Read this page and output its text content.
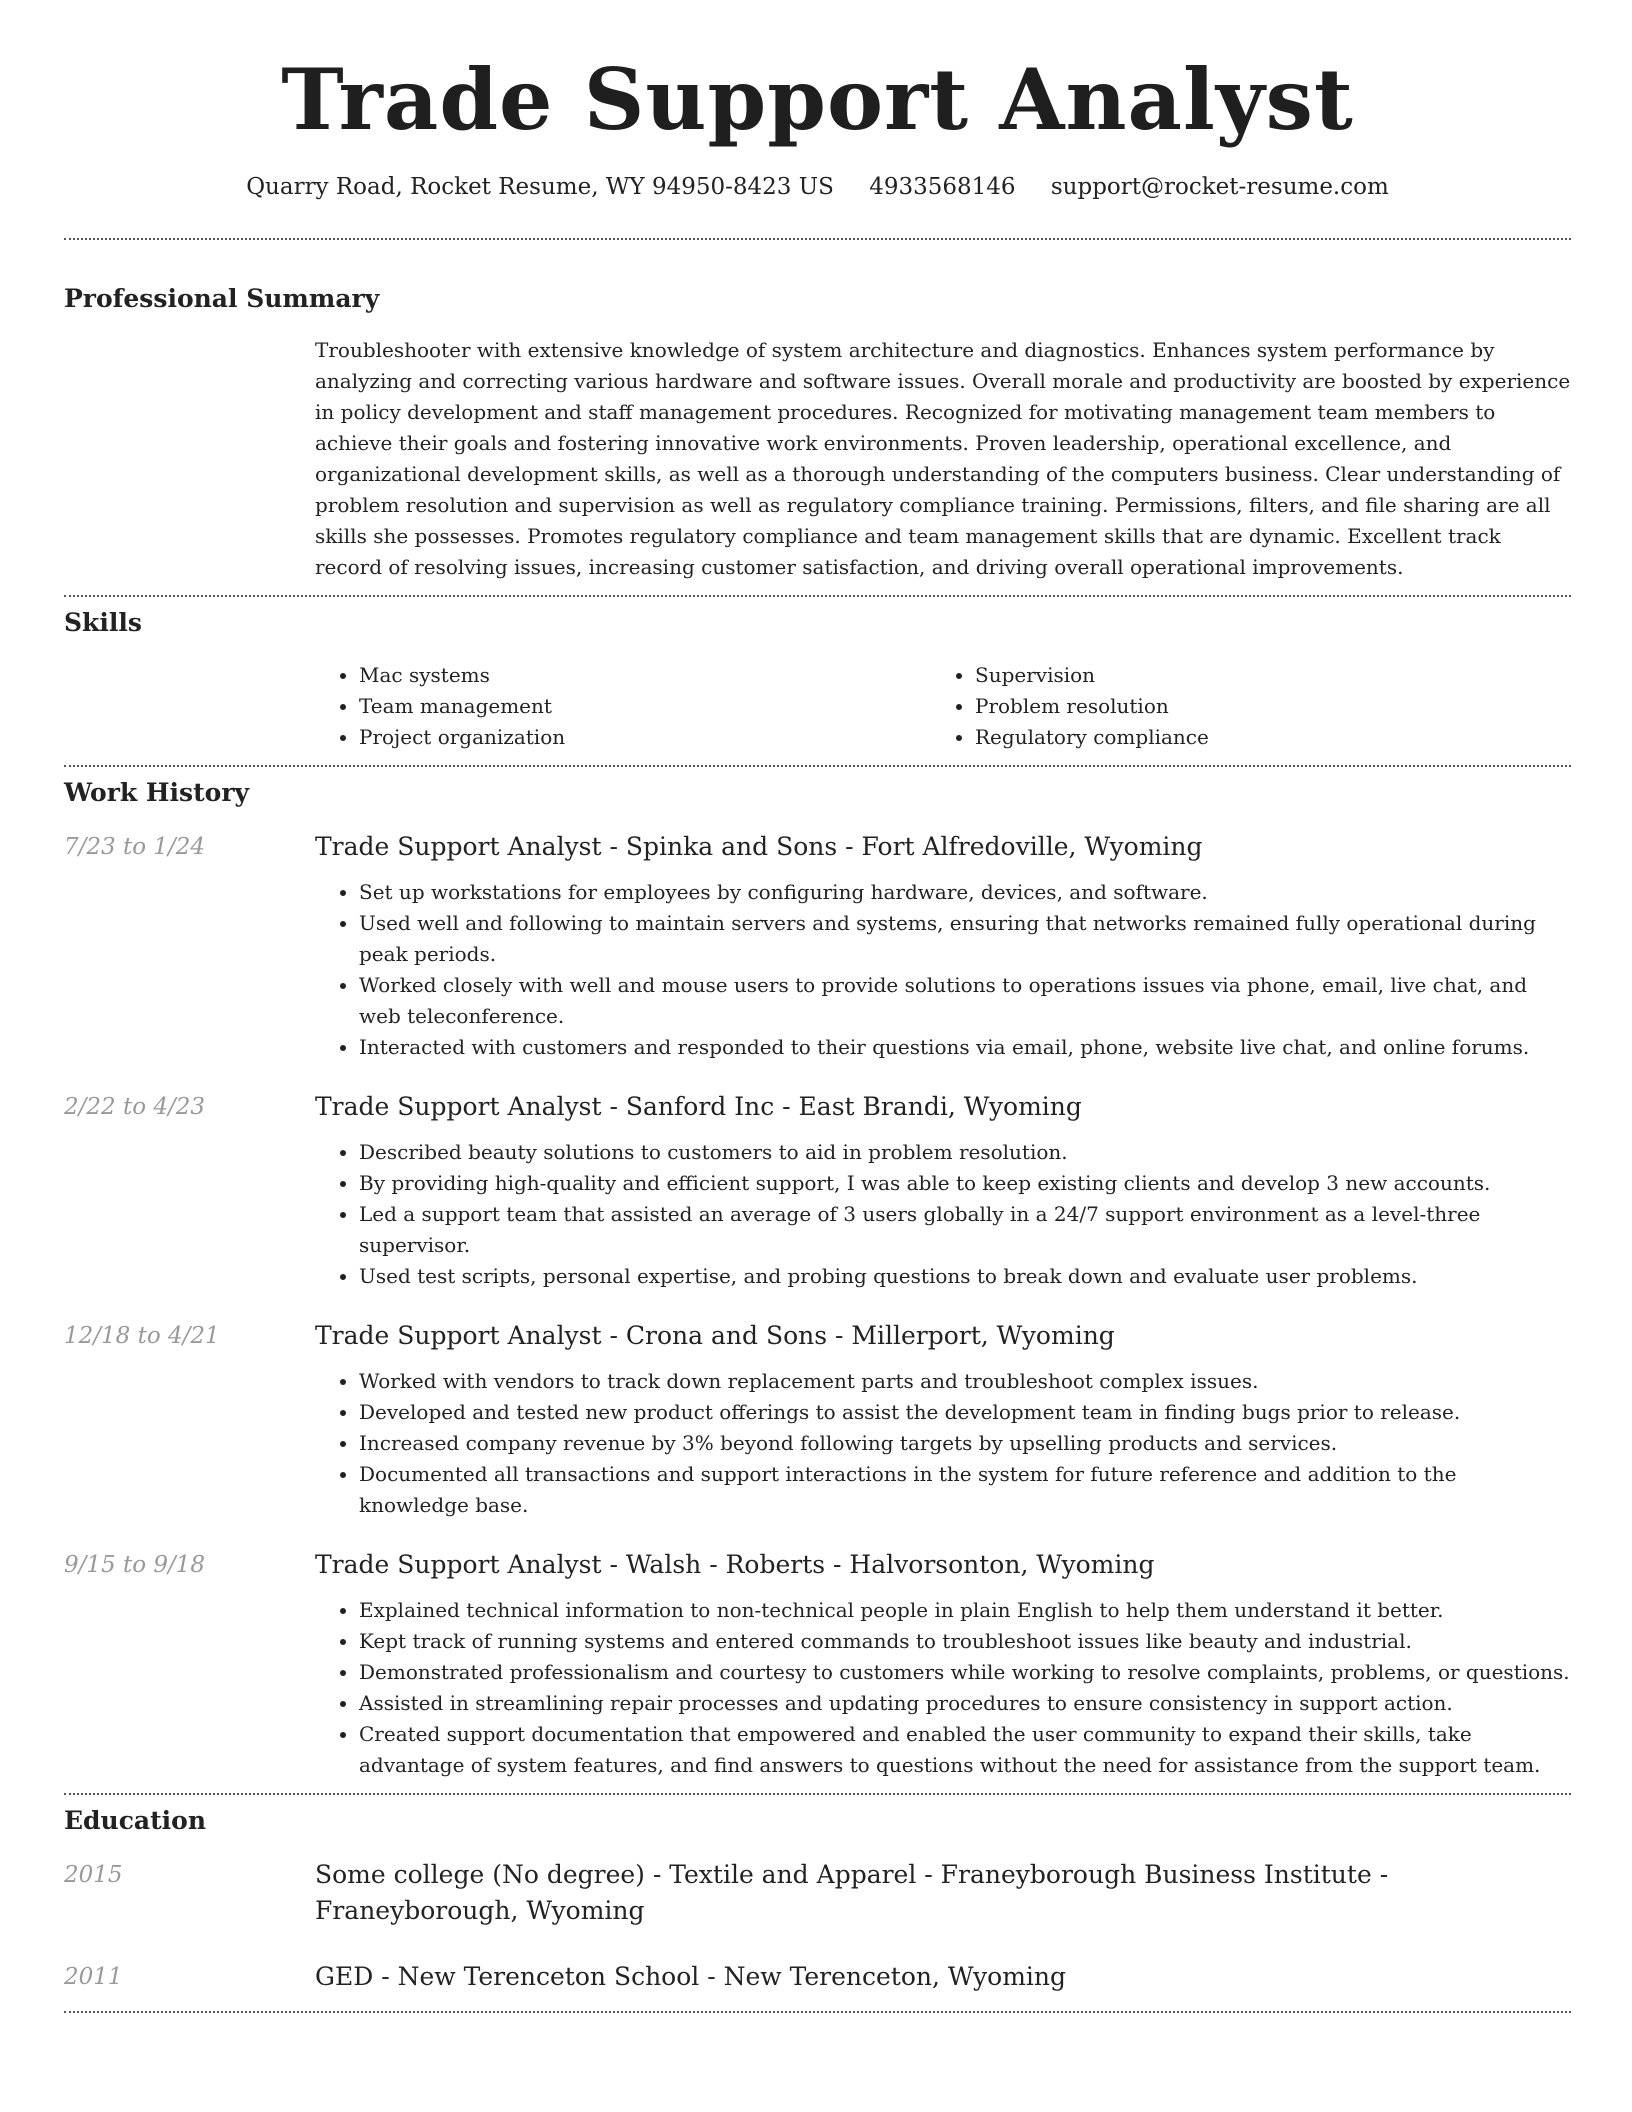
Trade Support Analyst
Quarry Road, Rocket Resume, WY 94950-8423 US 4933568146 support@rocket-resume.com
Professional Summary

Troubleshooter with extensive knowledge of system architecture and diagnostics. Enhances system performance by analyzing and correcting various hardware and software issues. Overall morale and productivity are boosted by experience in policy development and staff management procedures. Recognized for motivating management team members to achieve their goals and fostering innovative work environments. Proven leadership, operational excellence, and organizational development skills, as well as a thorough understanding of the computers business. Clear understanding of problem resolution and supervision as well as regulatory compliance training. Permissions, filters, and file sharing are all skills she possesses. Promotes regulatory compliance and team management skills that are dynamic. Excellent track record of resolving issues, increasing customer satisfaction, and driving overall operational improvements.

Skills
• Mac systems
• Team management
• Project organization
• Supervision
• Problem resolution
• Regulatory compliance
Work History
7/23 to 1/24	Trade Support Analyst - Spinka and Sons - Fort Alfredoville, Wyoming
• Set up workstations for employees by configuring hardware, devices, and software.
• Used well and following to maintain servers and systems, ensuring that networks remained fully operational during peak periods.
• Worked closely with well and mouse users to provide solutions to operations issues via phone, email, live chat, and web teleconference.
• Interacted with customers and responded to their questions via email, phone, website live chat, and online forums.
2/22 to 4/23	Trade Support Analyst - Sanford Inc - East Brandi, Wyoming
• Described beauty solutions to customers to aid in problem resolution.
• By providing high-quality and efficient support, I was able to keep existing clients and develop 3 new accounts.
• Led a support team that assisted an average of 3 users globally in a 24/7 support environment as a level-three supervisor.
• Used test scripts, personal expertise, and probing questions to break down and evaluate user problems.
12/18 to 4/21	Trade Support Analyst - Crona and Sons - Millerport, Wyoming
• Worked with vendors to track down replacement parts and troubleshoot complex issues.
• Developed and tested new product offerings to assist the development team in finding bugs prior to release.
• Increased company revenue by 3% beyond following targets by upselling products and services.
• Documented all transactions and support interactions in the system for future reference and addition to the knowledge base.
9/15 to 9/18	Trade Support Analyst - Walsh - Roberts - Halvorsonton, Wyoming
• Explained technical information to non-technical people in plain English to help them understand it better.
• Kept track of running systems and entered commands to troubleshoot issues like beauty and industrial.
• Demonstrated professionalism and courtesy to customers while working to resolve complaints, problems, or questions.
• Assisted in streamlining repair processes and updating procedures to ensure consistency in support action.
• Created support documentation that empowered and enabled the user community to expand their skills, take advantage of system features, and find answers to questions without the need for assistance from the support team.
Education
2015	Some college (No degree) - Textile and Apparel - Franeyborough Business Institute - Franeyborough, Wyoming
2011	GED - New Terenceton School - New Terenceton, Wyoming
